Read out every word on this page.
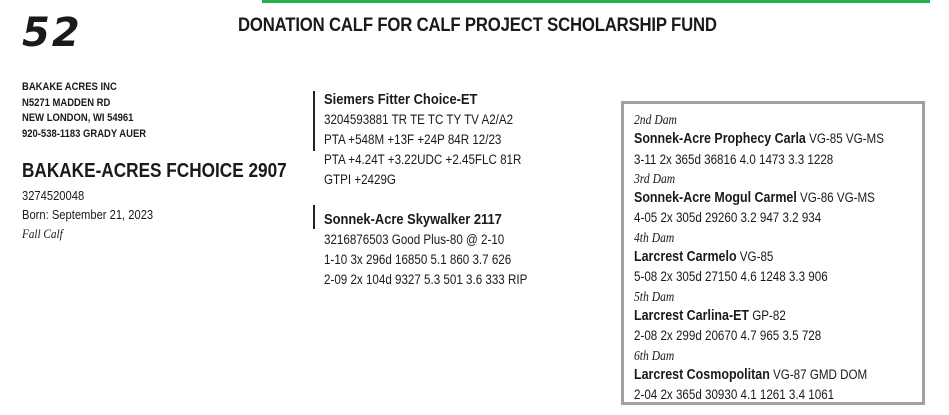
52	DONATION CALF FOR CALF PROJECT SCHOLARSHIP FUND
BAKAKE ACRES INC
N5271 MADDEN RD
NEW LONDON, WI 54961
920-538-1183 GRADY AUER
BAKAKE-ACRES FCHOICE 2907
3274520048
Born: September 21, 2023
Fall Calf
Siemers Fitter Choice-ET
3204593881 TR TE TC TY TV A2/A2
PTA +548M +13F +24P 84R 12/23
PTA +4.24T +3.22UDC +2.45FLC 81R
GTPI +2429G
Sonnek-Acre Skywalker 2117
3216876503 Good Plus-80 @ 2-10
1-10 3x 296d 16850 5.1 860 3.7 626
2-09 2x 104d 9327 5.3 501 3.6 333 RIP
2nd Dam
Sonnek-Acre Prophecy Carla VG-85 VG-MS
3-11 2x 365d 36816 4.0 1473 3.3 1228
3rd Dam
Sonnek-Acre Mogul Carmel VG-86 VG-MS
4-05 2x 305d 29260 3.2 947 3.2 934
4th Dam
Larcrest Carmelo VG-85
5-08 2x 305d 27150 4.6 1248 3.3 906
5th Dam
Larcrest Carlina-ET GP-82
2-08 2x 299d 20670 4.7 965 3.5 728
6th Dam
Larcrest Cosmopolitan VG-87 GMD DOM
2-04 2x 365d 30930 4.1 1261 3.4 1061
